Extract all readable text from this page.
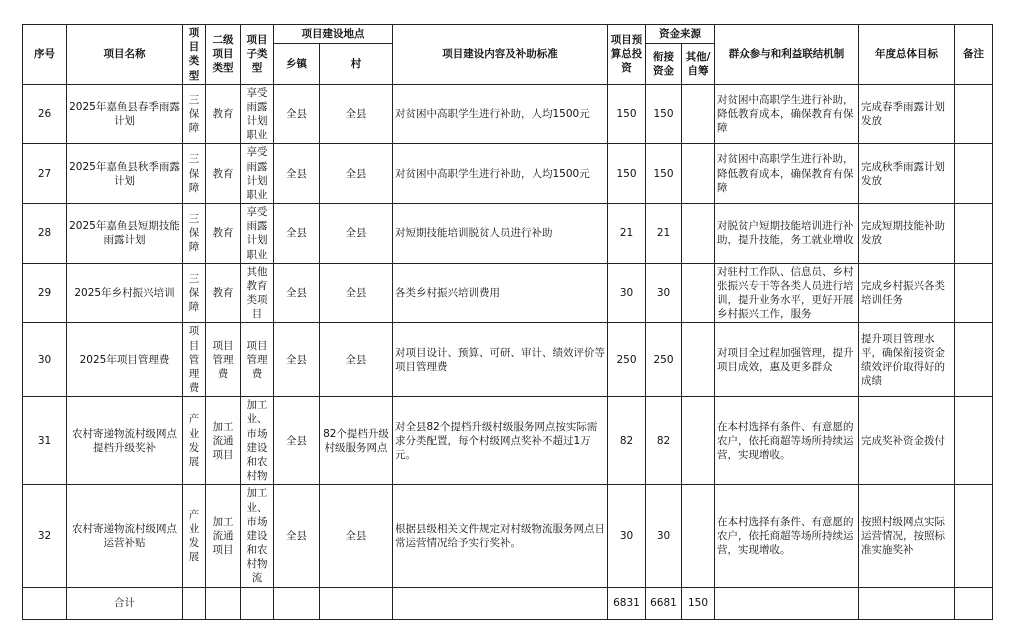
序号	项目名称	项目类型	二级项目类型	项目子类型	项目建设地点		项目建设内容及补助标准	项目预算总投资	资金来源		群众参与和利益联结机制	年度总体目标	备注
					乡镇	村			衔接资金	其他/自筹			
26	2025年嘉鱼县春季雨露计划	三保障	教育	享受雨露计划职业	全县	全县	对贫困中高职学生进行补助，人均1500元	150	150		对贫困中高职学生进行补助，降低教育成本，确保教育有保障	完成春季雨露计划发放	
27	2025年嘉鱼县秋季雨露计划	三保障	教育	享受雨露计划职业	全县	全县	对贫困中高职学生进行补助，人均1500元	150	150		对贫困中高职学生进行补助，降低教育成本，确保教育有保障	完成秋季雨露计划发放	
28	2025年嘉鱼县短期技能雨露计划	三保障	教育	享受雨露计划职业	全县	全县	对短期技能培训脱贫人员进行补助	21	21		对脱贫户短期技能培训进行补助，提升技能，务工就业增收	完成短期技能补助发放	
29	2025年乡村振兴培训	三保障	教育	其他教育类项目	全县	全县	各类乡村振兴培训费用	30	30		对驻村工作队、信息员、乡村张振兴专干等各类人员进行培训，提升业务水平，更好开展乡村振兴工作，服务	完成乡村振兴各类培训任务	
30	2025年项目管理费	项目管理费	项目管理费	项目管理费	全县	全县	对项目设计、预算、可研、审计、绩效评价等项目管理费	250	250		对项目全过程加强管理，提升项目成效，惠及更多群众	提升项目管理水平，确保衔接资金绩效评价取得好的成绩	
31	农村寄递物流村级网点提档升级奖补	产业发展	加工流通项目	加工业、市场建设和农村物	全县	82个提档升级村级服务网点	对全县82个提档升级村级服务网点按实际需求分类配置，每个村级网点奖补不超过1万元。	82	82		在本村选择有条件、有意愿的农户，依托商超等场所持续运营，实现增收。	完成奖补资金拨付	
32	农村寄递物流村级网点运营补贴	产业发展	加工流通项目	加工业、市场建设和农村物流	全县	全县	根据县级相关文件规定对村级物流服务网点日常运营情况给予实行奖补。	30	30		在本村选择有条件、有意愿的农户，依托商超等场所持续运营，实现增收。	按照村级网点实际运营情况，按照标准实施奖补	
	合计							6831	6681	150			
